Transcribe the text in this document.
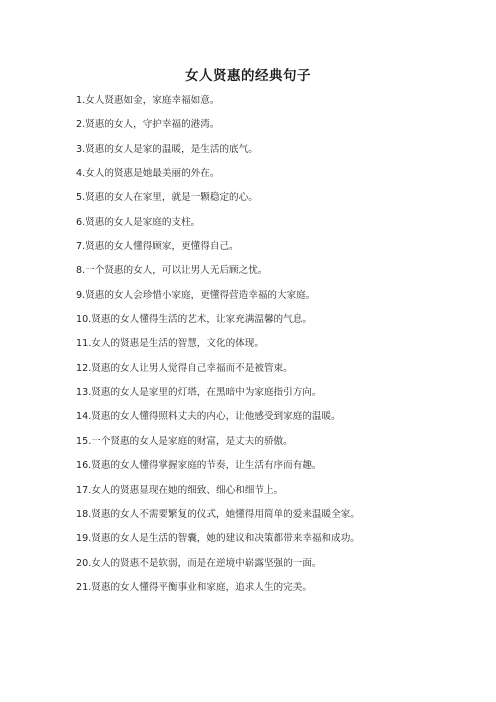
女人贤惠的经典句子
1.女人贤惠如金，家庭幸福如意。
2.贤惠的女人，守护幸福的港湾。
3.贤惠的女人是家的温暖，是生活的底气。
4.女人的贤惠是她最美丽的外在。
5.贤惠的女人在家里，就是一颗稳定的心。
6.贤惠的女人是家庭的支柱。
7.贤惠的女人懂得顾家，更懂得自己。
8.一个贤惠的女人，可以让男人无后顾之忧。
9.贤惠的女人会珍惜小家庭，更懂得营造幸福的大家庭。
10.贤惠的女人懂得生活的艺术，让家充满温馨的气息。
11.女人的贤惠是生活的智慧，文化的体现。
12.贤惠的女人让男人觉得自己幸福而不是被管束。
13.贤惠的女人是家里的灯塔，在黑暗中为家庭指引方向。
14.贤惠的女人懂得照料丈夫的内心，让他感受到家庭的温暖。
15.一个贤惠的女人是家庭的财富，是丈夫的骄傲。
16.贤惠的女人懂得掌握家庭的节奏，让生活有序而有趣。
17.女人的贤惠显现在她的细致、细心和细节上。
18.贤惠的女人不需要繁复的仪式，她懂得用简单的爱来温暖全家。
19.贤惠的女人是生活的智囊，她的建议和决策都带来幸福和成功。
20.女人的贤惠不是软弱，而是在逆境中崭露坚强的一面。
21.贤惠的女人懂得平衡事业和家庭，追求人生的完美。
